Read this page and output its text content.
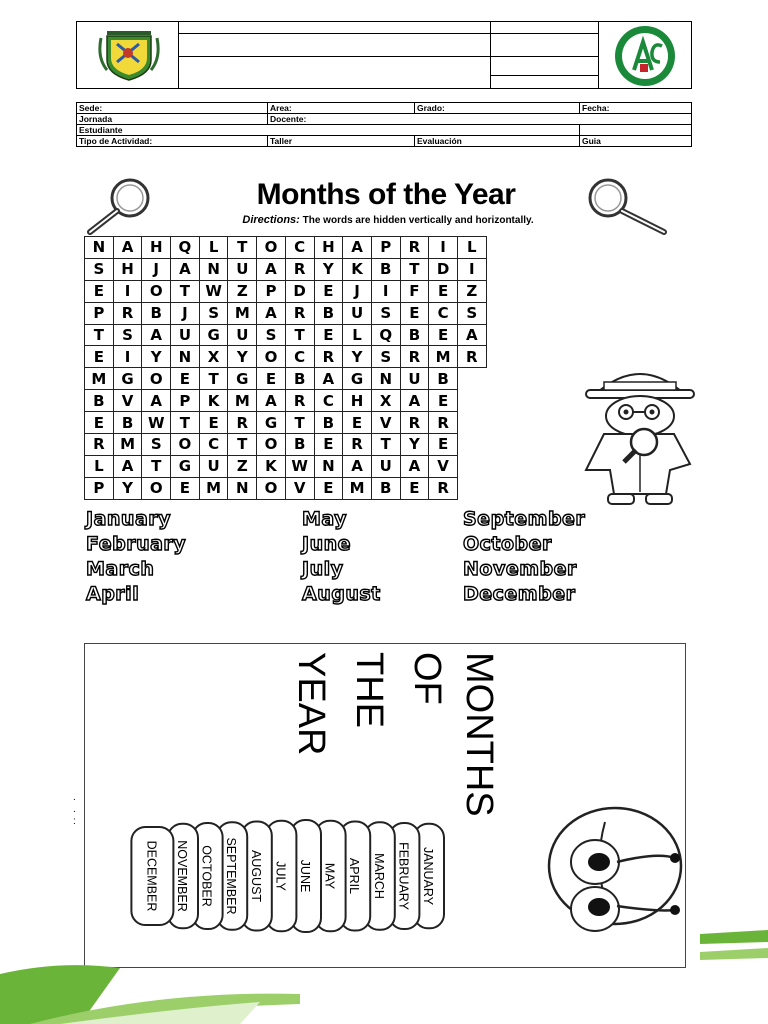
Sede:	Area:	Grado:	Fecha:
Jornada	Docente:		
Estudiante			
Tipo de Actividad:	Taller	Evaluación	Guia
Months of the Year
Directions: The words are hidden vertically and horizontally.
N	A	H	Q	L	T	O	C	H	A	P	R	I	L
S	H	J	A	N	U	A	R	Y	K	B	T	D	I
E	I	O	T	W	Z	P	D	E	J	I	F	E	Z
P	R	B	J	S	M	A	R	B	U	S	E	C	S
T	S	A	U	G	U	S	T	E	L	Q	B	E	A
E	I	Y	N	X	Y	O	C	R	Y	S	R	M	R
M	G	O	E	T	G	E	B	A	G	N	U	B	
B	V	A	P	K	M	A	R	C	H	X	A	E	
E	B	W	T	E	R	G	T	B	E	V	R	R	
R	M	S	O	C	T	O	B	E	R	T	Y	E	
L	A	T	G	U	Z	K	W	N	A	U	A	V	
P	Y	O	E	M	N	O	V	E	M	B	E	R	
January
February
March
April
May
June
July
August
September
October
November
December
JANUARY
FEBRUARY
MARCH
APRIL
MAY
JUNE
JULY
AUGUST
SEPTEMBER
OCTOBER
NOVEMBER
DECEMBER
MONTHS
OF
THE
YEAR
.
.
:
